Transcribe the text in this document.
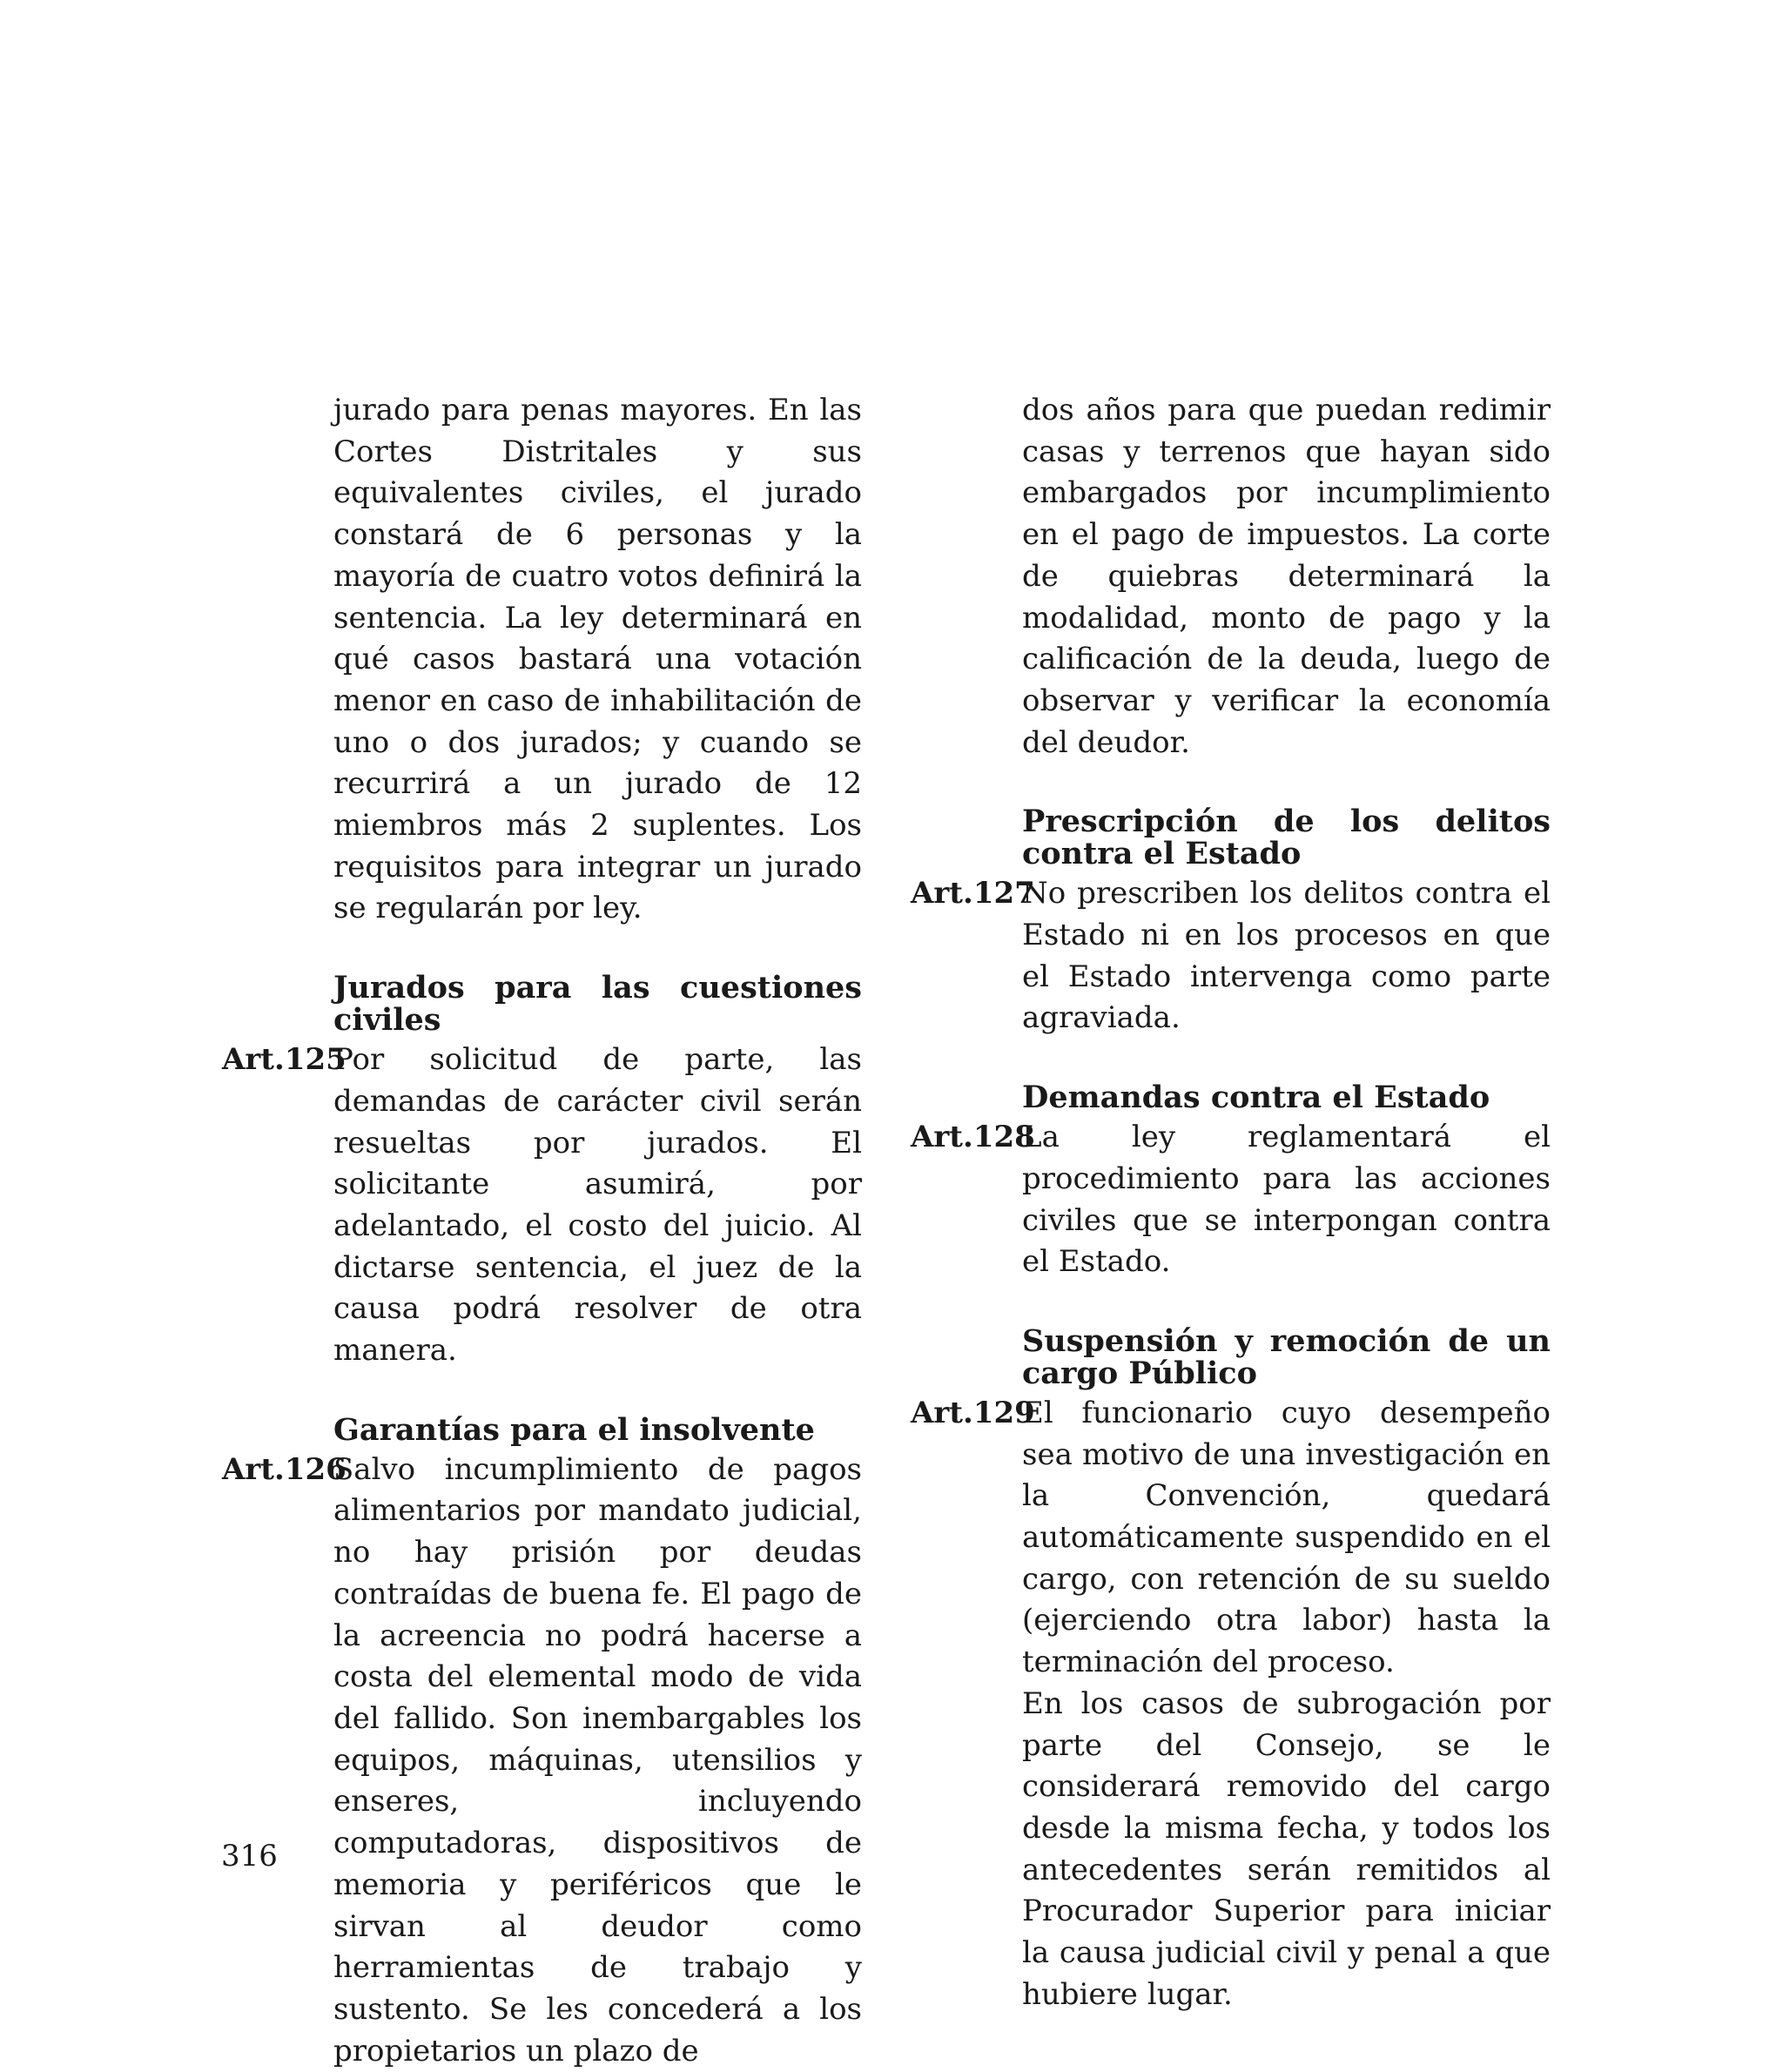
jurado para penas mayores. En las Cortes Distritales y sus equivalentes civiles, el jurado constará de 6 personas y la mayoría de cuatro votos definirá la sentencia. La ley determinará en qué casos bastará una votación menor en caso de inhabilitación de uno o dos jurados; y cuando se recurrirá a un jurado de 12 miembros más 2 suplentes. Los requisitos para integrar un jurado se regularán por ley.

Jurados para las cuestiones civiles
Art.125

Por solicitud de parte, las demandas de carácter civil serán resueltas por jurados. El solicitante asumirá, por adelantado, el costo del juicio. Al dictarse sentencia, el juez de la causa podrá resolver de otra manera.

Garantías para el insolvente
Art.126

Salvo incumplimiento de pagos alimentarios por mandato judicial, no hay prisión por deudas contraídas de buena fe. El pago de la acreencia no podrá hacerse a costa del elemental modo de vida del fallido. Son inembargables los equipos, máquinas, utensilios y enseres, incluyendo computadoras, dispositivos de memoria y periféricos que le sirvan al deudor como herramientas de trabajo y sustento. Se les concederá a los propietarios un plazo de

dos años para que puedan redimir casas y terrenos que hayan sido embargados por incumplimiento en el pago de impuestos. La corte de quiebras determinará la modalidad, monto de pago y la calificación de la deuda, luego de observar y verificar la economía del deudor.

Prescripción de los delitos contra el Estado
Art.127

No prescriben los delitos contra el Estado ni en los procesos en que el Estado intervenga como parte agraviada.

Demandas contra el Estado
Art.128

La ley reglamentará el procedimiento para las acciones civiles que se interpongan contra el Estado.

Suspensión y remoción de un cargo Público
Art.129

El funcionario cuyo desempeño sea motivo de una investigación en la Convención, quedará automáticamente suspendido en el cargo, con retención de su sueldo (ejerciendo otra labor) hasta la terminación del proceso.

En los casos de subrogación por parte del Consejo, se le considerará removido del cargo desde la misma fecha, y todos los antecedentes serán remitidos al Procurador Superior para iniciar la causa judicial civil y penal a que hubiere lugar.

316
